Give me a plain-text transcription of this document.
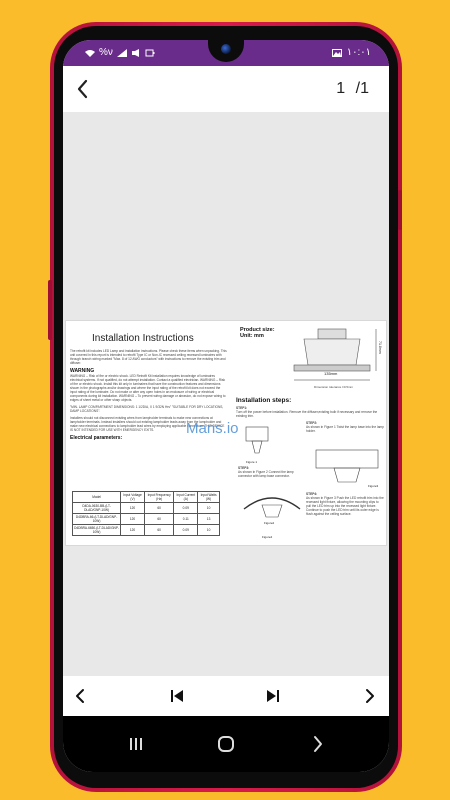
%ν	۱۰:۰۱
1 /1
Installation Instructions
The retrofit kit includes LED Lamp and installation instructions. Please check these items when unpacking. This unit covered in this report is intended to retrofit Type IC or Non-IC recessed ceiling recessed luminaires with through branch wiring marked "Max. 8 of 12 AWG conductors" with instructions to remove the existing trim and diffuser.
WARNING
WARNING – Risk of fire or electric shock. LED Retrofit Kit installation requires knowledge of luminaires electrical systems. If not qualified, do not attempt installation. Contact a qualified electrician. WARNING – Risk of fire or electric shock. Install this kit only in luminaires that have the construction features and dimensions shown in the photographs and/or drawings and where the input rating of the retrofit kit does not exceed the input rating of the luminaire. Do not make or alter any open holes in an enclosure of wiring or electrical components during kit installation. WARNING – To prevent wiring damage or abrasion, do not expose wiring to edges of sheet metal or other sharp objects.
"MIN. LAMP COMPARTMENT DIMENSIONS: 1 1/2DIA, X 1 9/32N Hrs" "SUITABLE FOR DRY LOCATIONS, DAMP LOCATIONS".
Installers should not disconnect existing wires from lampholder terminals to make new connections at lampholder terminals. Instead installers should cut existing lampholder leads away from the lampholder and make new electrical connections to lampholder lead wires by employing applicable connectors. THIS DEVICE IS NOT INTENDED FOR USE WITH EMERGENCY EXITS.
Electrical parameters:
Model	Input Voltage (V)	Input Frequency (Hz)	Input Current (A)	Input Watts (W)
D4DA-0630-BB-(LT-DLAD/GNP-10W)	120	60	0.09	10
D4DBRA-66-(LT-DLAD/GNP-10W)	120	60	0.11	13
D4DBRA-6650-(LT-DLAD/GNP-10W)	120	60	0.09	10
Product size:
Unit: mm
135mm
71.8mm
Dimension tolerance ±0.5mm
Installation steps:
STEP1:
Turn off the power before installation. Remove the diffuser,existing bulb if necessary and remove the existing trim.
STEP2:
As shown in Figure 1 Twist the lamp base into the lamp holder.
Figure 1
STEP3:
As shown in Figure 2 Connect the lamp connector with lamp base connector.
Figure2
Figure3
STEP4:
As shown in Figure 3 Push the LED retrofit trim into the recessed light fixture, allowing the mounting clips to pull the LED trim up into the recessed light fixture. Continue to push the LED trim until its outer edge is flush against the ceiling surface.
Figure4
Mans.io
